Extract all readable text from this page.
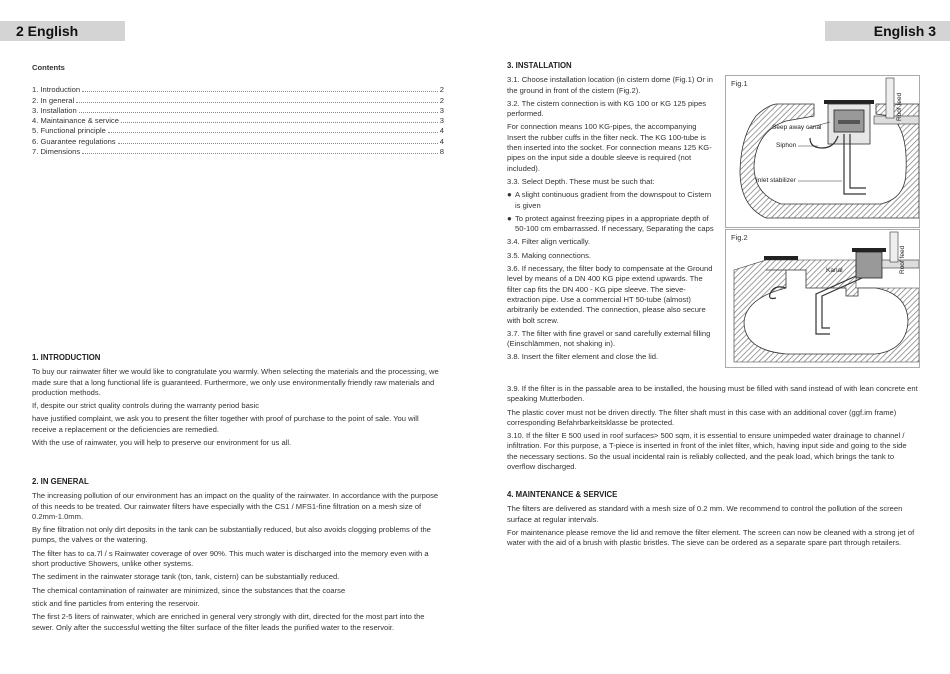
2 English	English 3
Contents
1. Introduction	2
2. In general	2
3. Installation	3
4. Maintainance & service	3
5. Functional principle	4
6. Guarantee regulations	4
7. Dimensions	8
1. INTRODUCTION

To buy our rainwater filter we would like to congratulate you warmly. When selecting the materials and the processing, we made sure that a long functional life is guaranteed. Furthermore, we only use environmentally friendly raw materials and production methods.

If, despite our strict quality controls during the warranty period basic

have justified complaint, we ask you to present the filter together with proof of purchase to the point of sale. You will receive a replacement or the deficiencies are remedied.

With the use of rainwater, you will help to preserve our environment for us all.

2. IN GENERAL

The increasing pollution of our environment has an impact on the quality of the rainwater. In accordance with the purpose of this needs to be treated. Our rainwater filters have especially with the CS1 / MFS1-fine filtration on a mesh size of 0.2mm-1.0mm.

By fine filtration not only dirt deposits in the tank can be substantially reduced, but also avoids clogging problems of the pumps, the valves or the watering.

The filter has to ca.7l / s Rainwater coverage of over 90%. This much water is discharged into the memory even with a short productive Showers, unlike other systems.

The sediment in the rainwater storage tank (ton, tank, cistern) can be substantially reduced.

The chemical contamination of rainwater are minimized, since the substances that the coarse

stick and fine particles from entering the reservoir.

The first 2-5 liters of rainwater, which are enriched in general very strongly with dirt, directed for the most part into the sewer. Only after the successful wetting the filter surface of the filter leads the purified water to the reservoir.

3. INSTALLATION

3.1. Choose installation location (in cistern dome (Fig.1) Or in the ground in front of the cistern (Fig.2).

3.2. The cistern connection is with KG 100 or KG 125 pipes performed.

For connection means 100 KG-pipes, the accompanying Insert the rubber cuffs in the filter neck. The KG 100-tube is then inserted into the socket. For connection means 125 KG-pipes on the input side a double sleeve is required (not included).

3.3. Select Depth. These must be such that:

● A slight continuous gradient from the downspout to Cistern is given
● To protect against freezing pipes in a appropriate depth of 50-100 cm embarrassed. If necessary, Separating the caps

3.4. Filter align vertically.

3.5. Making connections.

3.6. If necessary, the filter body to compensate at the Ground level by means of a DN 400 KG pipe extend upwards. The filter cap fits the DN 400 - KG pipe sleeve. The sieve-extraction pipe. Use a commercial HT 50-tube (almost) arbitrarily be extended. The connection, please also secure with bolt screw.

3.7. The filter with fine gravel or sand carefully external filling (Einschlämmen, not shaking in).

3.8. Insert the filter element and close the lid.

3.9. If the filter is in the passable area to be installed, the housing must be filled with sand instead of with lean concrete ent speaking Mutterboden.

The plastic cover must not be driven directly. The filter shaft must in this case with an additional cover (ggf.im frame) corresponding Befahrbarkeitsklasse be protected.

3.10. If the filter E 500 used in roof surfaces> 500 sqm, it is essential to ensure unimpeded water drainage to channel / infiltration. For this purpose, a T-piece is inserted in front of the inlet filter, which, having input side and going to the side the necessary sections. So the usual incidental rain is reliably collected, and the peak load, which brings the tank to overflow discharged.

4. MAINTENANCE & SERVICE

The filters are delivered as standard with a mesh size of 0.2 mm. We recommend to control the pollution of the screen surface at regular intervals.

For maintenance please remove the lid and remove the filter element. The screen can now be cleaned with a strong jet of water with the aid of a brush with plastic bristles. The sieve can be ordered as a separate spare part through retailers.

Seep away canal
Siphon
Inlet stabilizer
Roof feed
Fig.1
Kanal	Roof feed
Fig.2
